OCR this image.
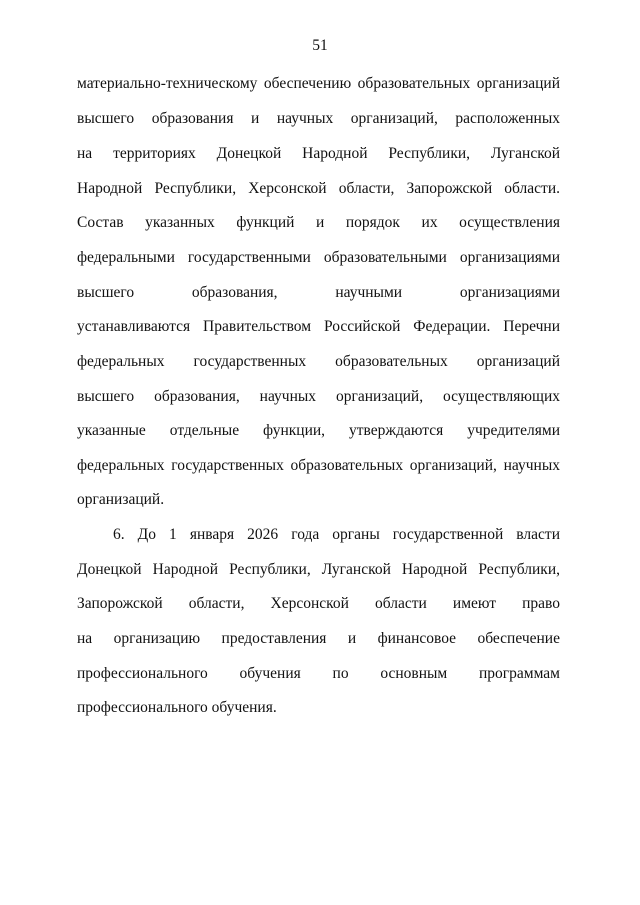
51
материально-техническому обеспечению образовательных организаций
высшего образования и научных организаций, расположенных
на территориях Донецкой Народной Республики, Луганской
Народной Республики, Херсонской области, Запорожской области.
Состав указанных функций и порядок их осуществления
федеральными государственными образовательными организациями
высшего образования, научными организациями
устанавливаются Правительством Российской Федерации. Перечни
федеральных государственных образовательных организаций
высшего образования, научных организаций, осуществляющих
указанные отдельные функции, утверждаются учредителями
федеральных государственных образовательных организаций, научных
организаций.
6. До 1 января 2026 года органы государственной власти
Донецкой Народной Республики, Луганской Народной Республики,
Запорожской области, Херсонской области имеют право
на организацию предоставления и финансовое обеспечение
профессионального обучения по основным программам
профессионального обучения.
